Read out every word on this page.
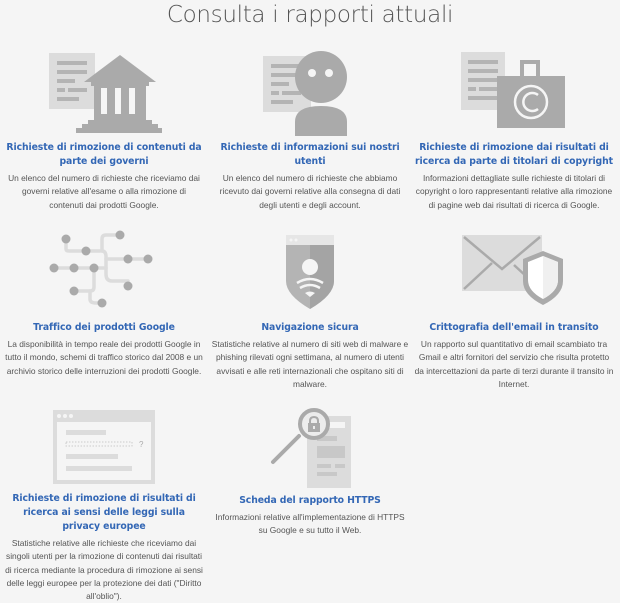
Consulta i rapporti attuali

Richieste di rimozione di contenuti da parte dei governi

Un elenco del numero di richieste che riceviamo dai governi relative all'esame o alla rimozione di contenuti dai prodotti Google.

Richieste di informazioni sui nostri utenti

Un elenco del numero di richieste che abbiamo ricevuto dai governi relative alla consegna di dati degli utenti e degli account.

Richieste di rimozione dai risultati di ricerca da parte di titolari di copyright

Informazioni dettagliate sulle richieste di titolari di copyright o loro rappresentanti relative alla rimozione di pagine web dai risultati di ricerca di Google.

Traffico dei prodotti Google

La disponibilità in tempo reale dei prodotti Google in tutto il mondo, schemi di traffico storico dal 2008 e un archivio storico delle interruzioni dei prodotti Google.

Navigazione sicura

Statistiche relative al numero di siti web di malware e phishing rilevati ogni settimana, al numero di utenti avvisati e alle reti internazionali che ospitano siti di malware.

Crittografia dell'email in transito

Un rapporto sul quantitativo di email scambiato tra Gmail e altri fornitori del servizio che risulta protetto da intercettazioni da parte di terzi durante il transito in Internet.

?

Richieste di rimozione di risultati di ricerca ai sensi delle leggi sulla privacy europee

Statistiche relative alle richieste che riceviamo dai singoli utenti per la rimozione di contenuti dai risultati di ricerca mediante la procedura di rimozione ai sensi delle leggi europee per la protezione dei dati ("Diritto all'oblio").

Scheda del rapporto HTTPS

Informazioni relative all'implementazione di HTTPS su Google e su tutto il Web.
